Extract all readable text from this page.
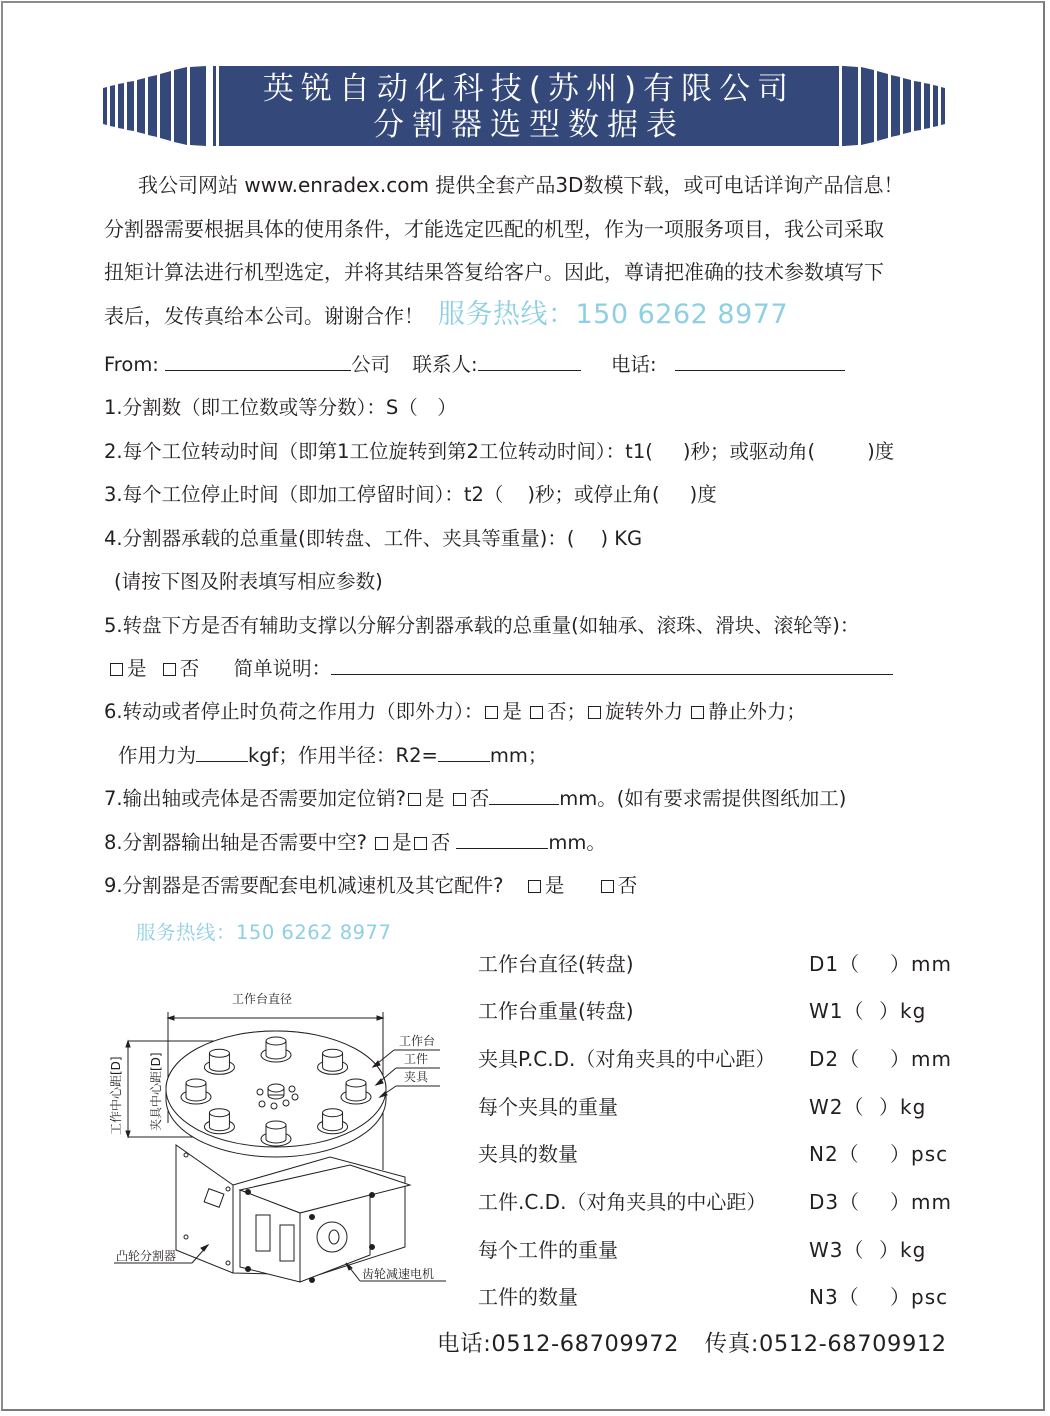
英锐自动化科技(苏州)有限公司
分割器选型数据表
我公司网站 www.enradex.com 提供全套产品3D数模下载，或可电话详询产品信息！
分割器需要根据具体的使用条件，才能选定匹配的机型，作为一项服务项目，我公司采取
扭矩计算法进行机型选定，并将其结果答复给客户。因此，尊请把准确的技术参数填写下
表后，发传真给本公司。谢谢合作！ 服务热线：150 6262 8977
From:	公司 联系人:	电话:
1.分割数（即工位数或等分数）：S（　）
2.每个工位转动时间（即第1工位旋转到第2工位转动时间）：t1( )秒；或驱动角(	)度
3.每个工位停止时间（即加工停留时间）：t2（ )秒；或停止角( )度
4.分割器承载的总重量(即转盘、工件、夹具等重量)：( ) KG
(请按下图及附表填写相应参数)
5.转盘下方是否有辅助支撑以分解分割器承载的总重量(如轴承、滚珠、滑块、滚轮等)：
是 否 简单说明：
6.转动或者停止时负荷之作用力（即外力）： 是 否； 旋转外力 静止外力；
作用力为	kgf；作用半径：R2=	mm；
7.输出轴或壳体是否需要加定位销? 是 否	mm。(如有要求需提供图纸加工)
8.分割器输出轴是否需要中空? 是 否	mm。
9.分割器是否需要配套电机减速机及其它配件? 是	否
服务热线：150 6262 8977
工作台直径
工作台
工件
夹具
凸轮分割器
齿轮减速电机
工作中心距[D] 夹具中心距[D]
工作台直径(转盘)	D1（ ）mm
工作台重量(转盘)	W1（ ）kg
夹具P.C.D.（对角夹具的中心距） D2（ ）mm
每个夹具的重量	W2（ ）kg
夹具的数量	N2（ ）psc
工件.C.D.（对角夹具的中心距） D3（ ）mm
每个工件的重量	W3（ ）kg
工件的数量	N3（ ）psc
电话:0512-68709972 传真:0512-68709912
